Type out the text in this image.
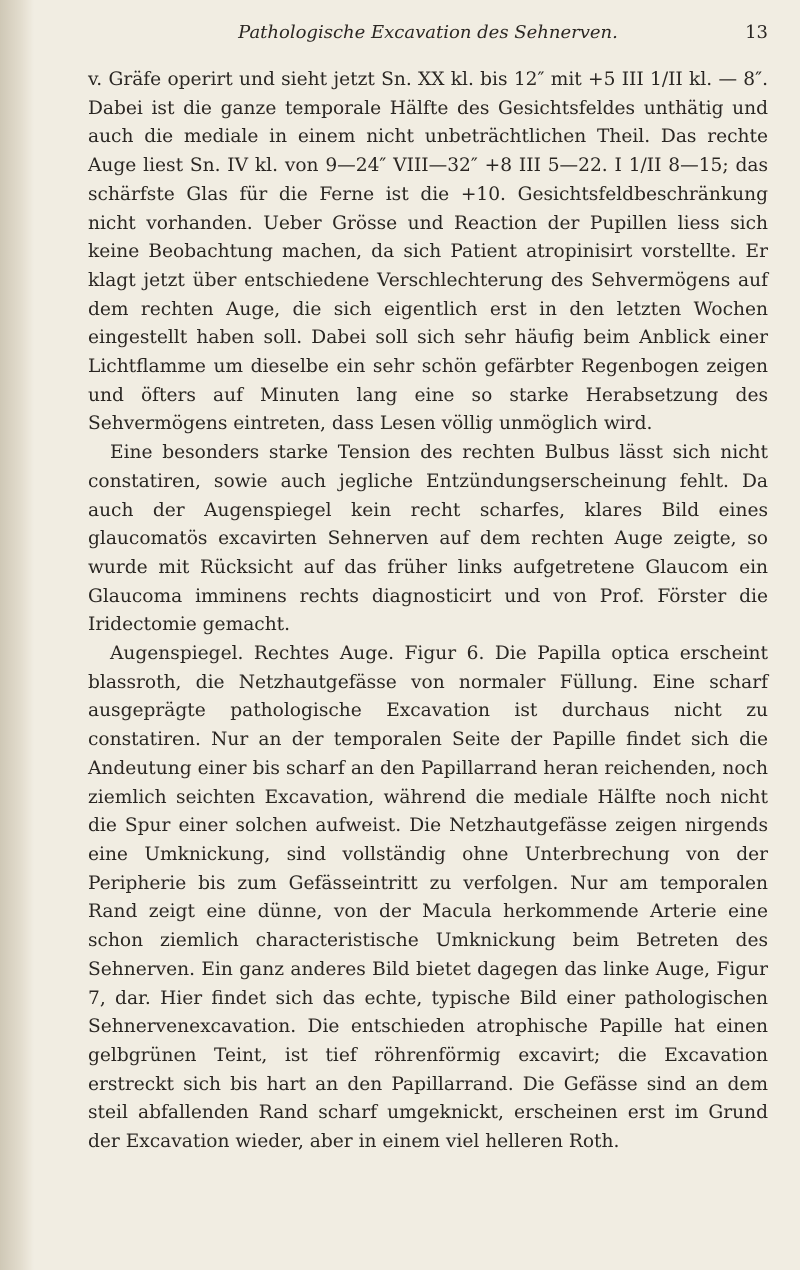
Pathologische Excavation des Sehnerven.	13

v. Gräfe operirt und sieht jetzt Sn. XX kl. bis 12″ mit +5 III 1/II kl. — 8″. Dabei ist die ganze temporale Hälfte des Gesichtsfeldes unthätig und auch die mediale in einem nicht unbeträchtlichen Theil. Das rechte Auge liest Sn. IV kl. von 9—24″ VIII—32″ +8 III 5—22. I 1/II 8—15; das schärfste Glas für die Ferne ist die +10. Gesichtsfeldbeschränkung nicht vorhanden. Ueber Grösse und Reaction der Pupillen liess sich keine Beobachtung machen, da sich Patient atropinisirt vorstellte. Er klagt jetzt über entschiedene Verschlechterung des Sehvermögens auf dem rechten Auge, die sich eigentlich erst in den letzten Wochen eingestellt haben soll. Dabei soll sich sehr häufig beim Anblick einer Lichtflamme um dieselbe ein sehr schön gefärbter Regenbogen zeigen und öfters auf Minuten lang eine so starke Herabsetzung des Sehvermögens eintreten, dass Lesen völlig unmöglich wird.

Eine besonders starke Tension des rechten Bulbus lässt sich nicht constatiren, sowie auch jegliche Entzündungserscheinung fehlt. Da auch der Augenspiegel kein recht scharfes, klares Bild eines glaucomatös excavirten Sehnerven auf dem rechten Auge zeigte, so wurde mit Rücksicht auf das früher links aufgetretene Glaucom ein Glaucoma imminens rechts diagnosticirt und von Prof. Förster die Iridectomie gemacht.

Augenspiegel. Rechtes Auge. Figur 6. Die Papilla optica erscheint blassroth, die Netzhautgefässe von normaler Füllung. Eine scharf ausgeprägte pathologische Excavation ist durchaus nicht zu constatiren. Nur an der temporalen Seite der Papille findet sich die Andeutung einer bis scharf an den Papillarrand heran reichenden, noch ziemlich seichten Excavation, während die mediale Hälfte noch nicht die Spur einer solchen aufweist. Die Netzhautgefässe zeigen nirgends eine Umknickung, sind vollständig ohne Unterbrechung von der Peripherie bis zum Gefässeintritt zu verfolgen. Nur am temporalen Rand zeigt eine dünne, von der Macula herkommende Arterie eine schon ziemlich characteristische Umknickung beim Betreten des Sehnerven. Ein ganz anderes Bild bietet dagegen das linke Auge, Figur 7, dar. Hier findet sich das echte, typische Bild einer pathologischen Sehnervenexcavation. Die entschieden atrophische Papille hat einen gelbgrünen Teint, ist tief röhrenförmig excavirt; die Excavation erstreckt sich bis hart an den Papillarrand. Die Gefässe sind an dem steil abfallenden Rand scharf umgeknickt, erscheinen erst im Grund der Excavation wieder, aber in einem viel helleren Roth.
